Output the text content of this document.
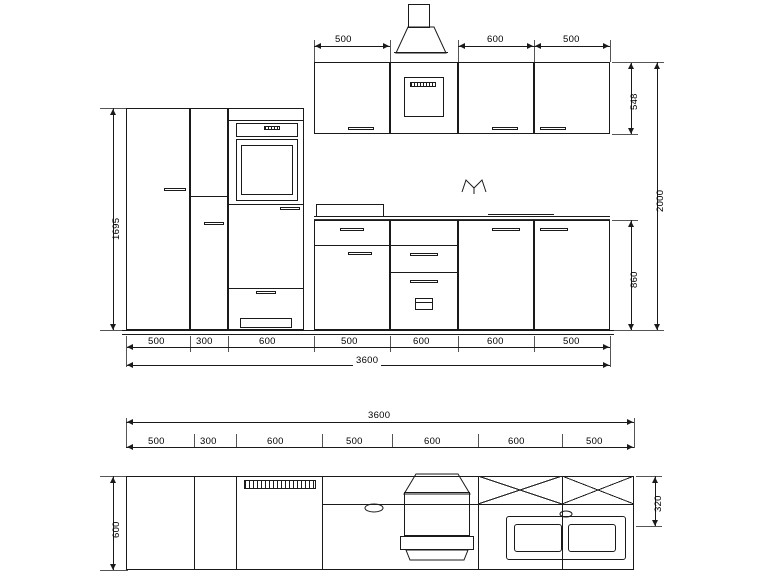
500	600	500
548
2000
860
1695
500	300	600	500	600	600	500
3600
3600
500	300	600	500	600	600	500
600
320
